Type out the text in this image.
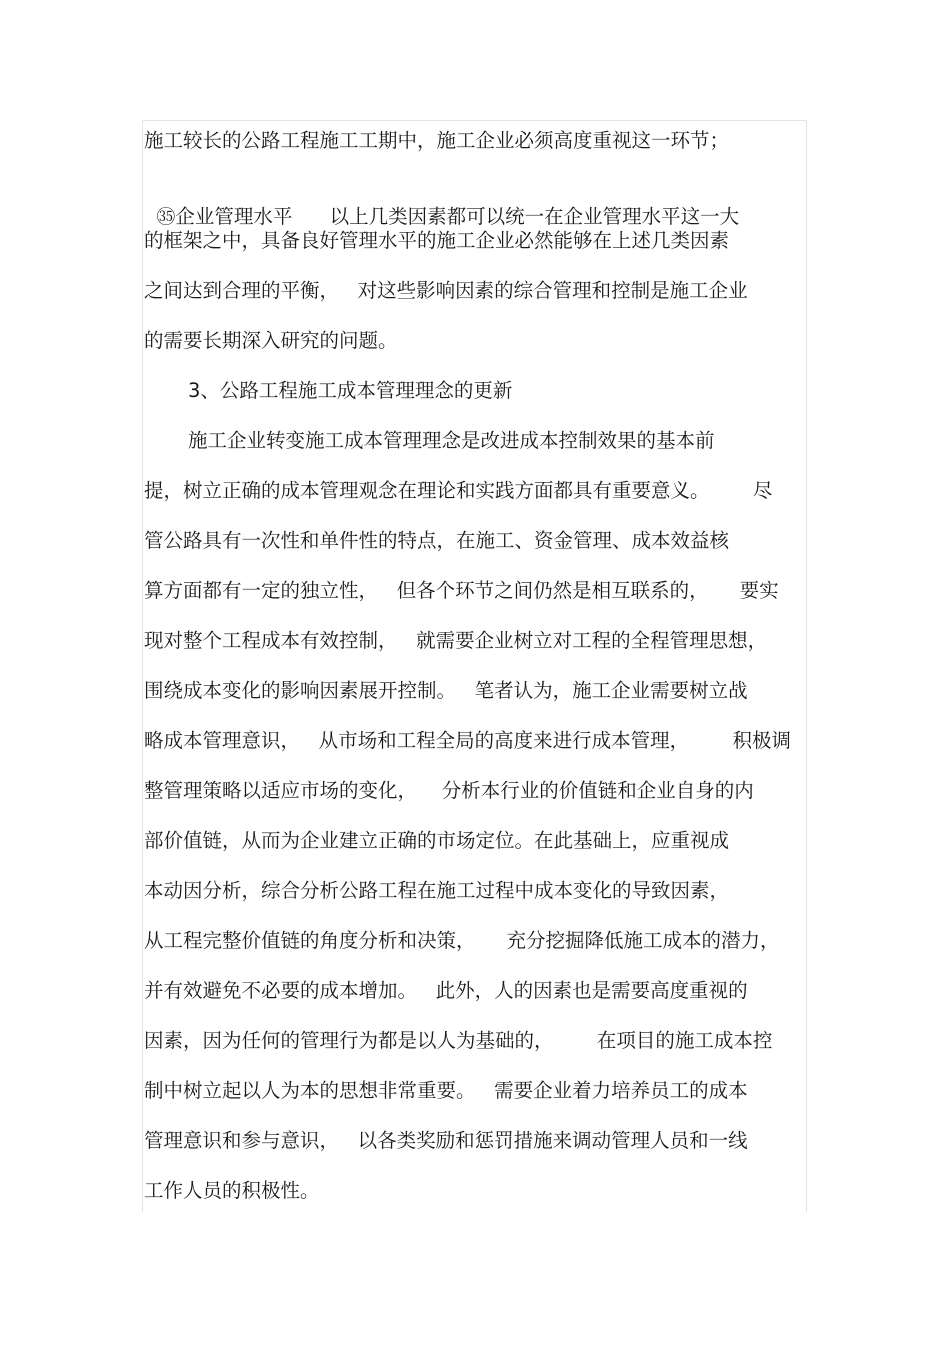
施工较长的公路工程施工工期中，施工企业必须高度重视这一环节；

㉟企业管理水平      以上几类因素都可以统一在企业管理水平这一大

的框架之中，具备良好管理水平的施工企业必然能够在上述几类因素
之间达到合理的平衡，   对这些影响因素的综合管理和控制是施工企业
的需要长期深入研究的问题。
3、公路工程施工成本管理理念的更新
施工企业转变施工成本管理理念是改进成本控制效果的基本前
提，树立正确的成本管理观念在理论和实践方面都具有重要意义。       尽
管公路具有一次性和单件性的特点，在施工、资金管理、成本效益核
算方面都有一定的独立性，   但各个环节之间仍然是相互联系的，     要实
现对整个工程成本有效控制，   就需要企业树立对工程的全程管理思想，
围绕成本变化的影响因素展开控制。   笔者认为，施工企业需要树立战
略成本管理意识，   从市场和工程全局的高度来进行成本管理，       积极调
整管理策略以适应市场的变化，    分析本行业的价值链和企业自身的内
部价值链，从而为企业建立正确的市场定位。在此基础上，应重视成
本动因分析，综合分析公路工程在施工过程中成本变化的导致因素，
从工程完整价值链的角度分析和决策，     充分挖掘降低施工成本的潜力，
并有效避免不必要的成本增加。   此外，人的因素也是需要高度重视的
因素，因为任何的管理行为都是以人为基础的，       在项目的施工成本控
制中树立起以人为本的思想非常重要。   需要企业着力培养员工的成本
管理意识和参与意识，   以各类奖励和惩罚措施来调动管理人员和一线
工作人员的积极性。
